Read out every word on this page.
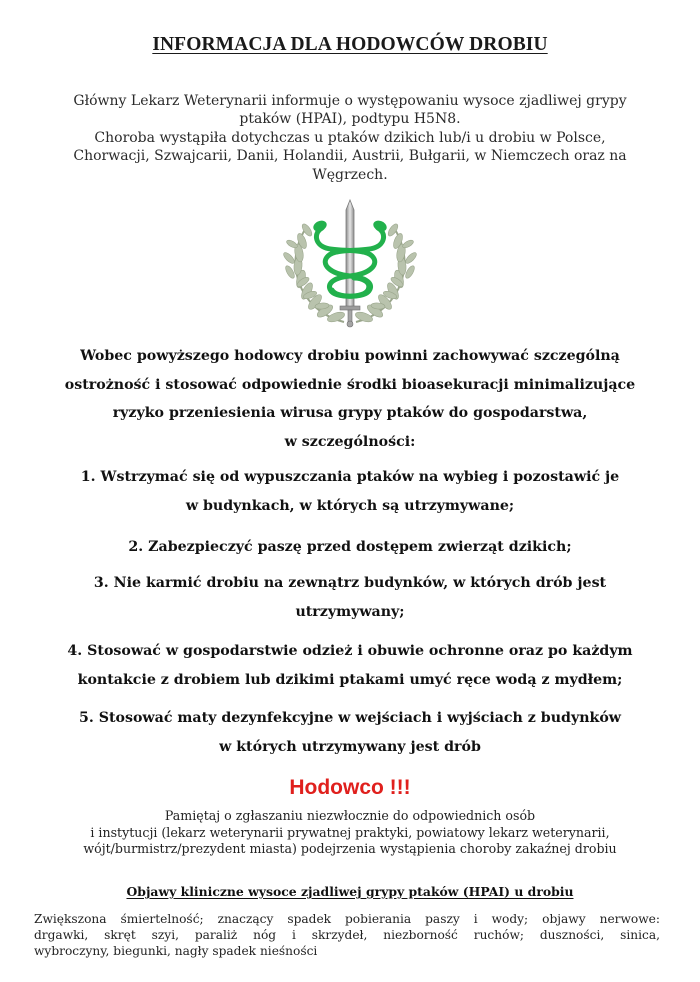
INFORMACJA DLA HODOWCÓW DROBIU
Główny Lekarz Weterynarii informuje o występowaniu wysoce zjadliwej grypy
ptaków (HPAI), podtypu H5N8.
Choroba wystąpiła dotychczas u ptaków dzikich lub/i u drobiu w Polsce,
Chorwacji, Szwajcarii, Danii, Holandii, Austrii, Bułgarii, w Niemczech oraz na
Węgrzech.
Wobec powyższego hodowcy drobiu powinni zachowywać szczególną
ostrożność i stosować odpowiednie środki bioasekuracji minimalizujące
ryzyko przeniesienia wirusa grypy ptaków do gospodarstwa,
w szczególności:
1. Wstrzymać się od wypuszczania ptaków na wybieg i pozostawić je
w budynkach, w których są utrzymywane;
2. Zabezpieczyć paszę przed dostępem zwierząt dzikich;
3. Nie karmić drobiu na zewnątrz budynków, w których drób jest
utrzymywany;
4. Stosować w gospodarstwie odzież i obuwie ochronne oraz po każdym
kontakcie z drobiem lub dzikimi ptakami umyć ręce wodą z mydłem;
5. Stosować maty dezynfekcyjne w wejściach i wyjściach z budynków
w których utrzymywany jest drób
Hodowco !!!
Pamiętaj o zgłaszaniu niezwłocznie do odpowiednich osób
i instytucji (lekarz weterynarii prywatnej praktyki, powiatowy lekarz weterynarii,
wójt/burmistrz/prezydent miasta) podejrzenia wystąpienia choroby zakaźnej drobiu
Objawy kliniczne wysoce zjadliwej grypy ptaków (HPAI) u drobiu
Zwiększona śmiertelność; znaczący spadek pobierania paszy i wody; objawy nerwowe:
drgawki, skręt szyi, paraliż nóg i skrzydeł, niezborność ruchów; duszności, sinica,
wybroczyny, biegunki, nagły spadek nieśności
